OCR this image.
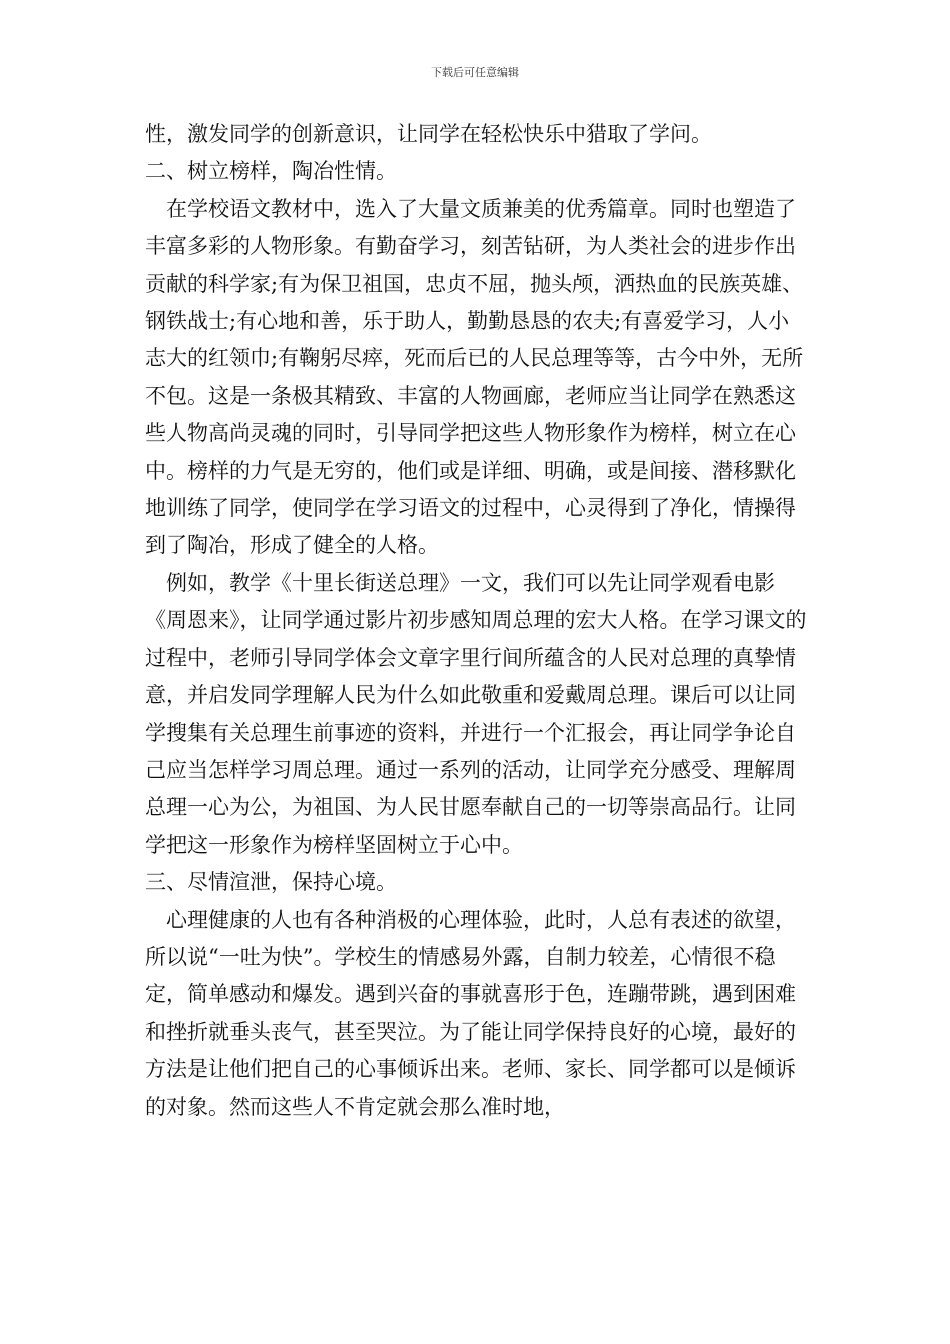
下载后可任意编辑

性，激发同学的创新意识，让同学在轻松快乐中猎取了学问。

二、树立榜样，陶冶性情。

在学校语文教材中，选入了大量文质兼美的优秀篇章。同时也塑造了丰富多彩的人物形象。有勤奋学习，刻苦钻研，为人类社会的进步作出贡献的科学家;有为保卫祖国，忠贞不屈，抛头颅，洒热血的民族英雄、钢铁战士;有心地和善，乐于助人，勤勤恳恳的农夫;有喜爱学习，人小志大的红领巾;有鞠躬尽瘁，死而后已的人民总理等等，古今中外，无所不包。这是一条极其精致、丰富的人物画廊，老师应当让同学在熟悉这些人物高尚灵魂的同时，引导同学把这些人物形象作为榜样，树立在心中。榜样的力气是无穷的，他们或是详细、明确，或是间接、潜移默化地训练了同学，使同学在学习语文的过程中，心灵得到了净化，情操得到了陶冶，形成了健全的人格。

例如，教学《十里长街送总理》一文，我们可以先让同学观看电影《周恩来》，让同学通过影片初步感知周总理的宏大人格。在学习课文的过程中，老师引导同学体会文章字里行间所蕴含的人民对总理的真挚情意，并启发同学理解人民为什么如此敬重和爱戴周总理。课后可以让同学搜集有关总理生前事迹的资料，并进行一个汇报会，再让同学争论自己应当怎样学习周总理。通过一系列的活动，让同学充分感受、理解周总理一心为公，为祖国、为人民甘愿奉献自己的一切等崇高品行。让同学把这一形象作为榜样坚固树立于心中。

三、尽情渲泄，保持心境。

心理健康的人也有各种消极的心理体验，此时，人总有表述的欲望，所以说“一吐为快”。学校生的情感易外露，自制力较差，心情很不稳定，简单感动和爆发。遇到兴奋的事就喜形于色，连蹦带跳，遇到困难和挫折就垂头丧气，甚至哭泣。为了能让同学保持良好的心境，最好的方法是让他们把自己的心事倾诉出来。老师、家长、同学都可以是倾诉的对象。然而这些人不肯定就会那么准时地，
